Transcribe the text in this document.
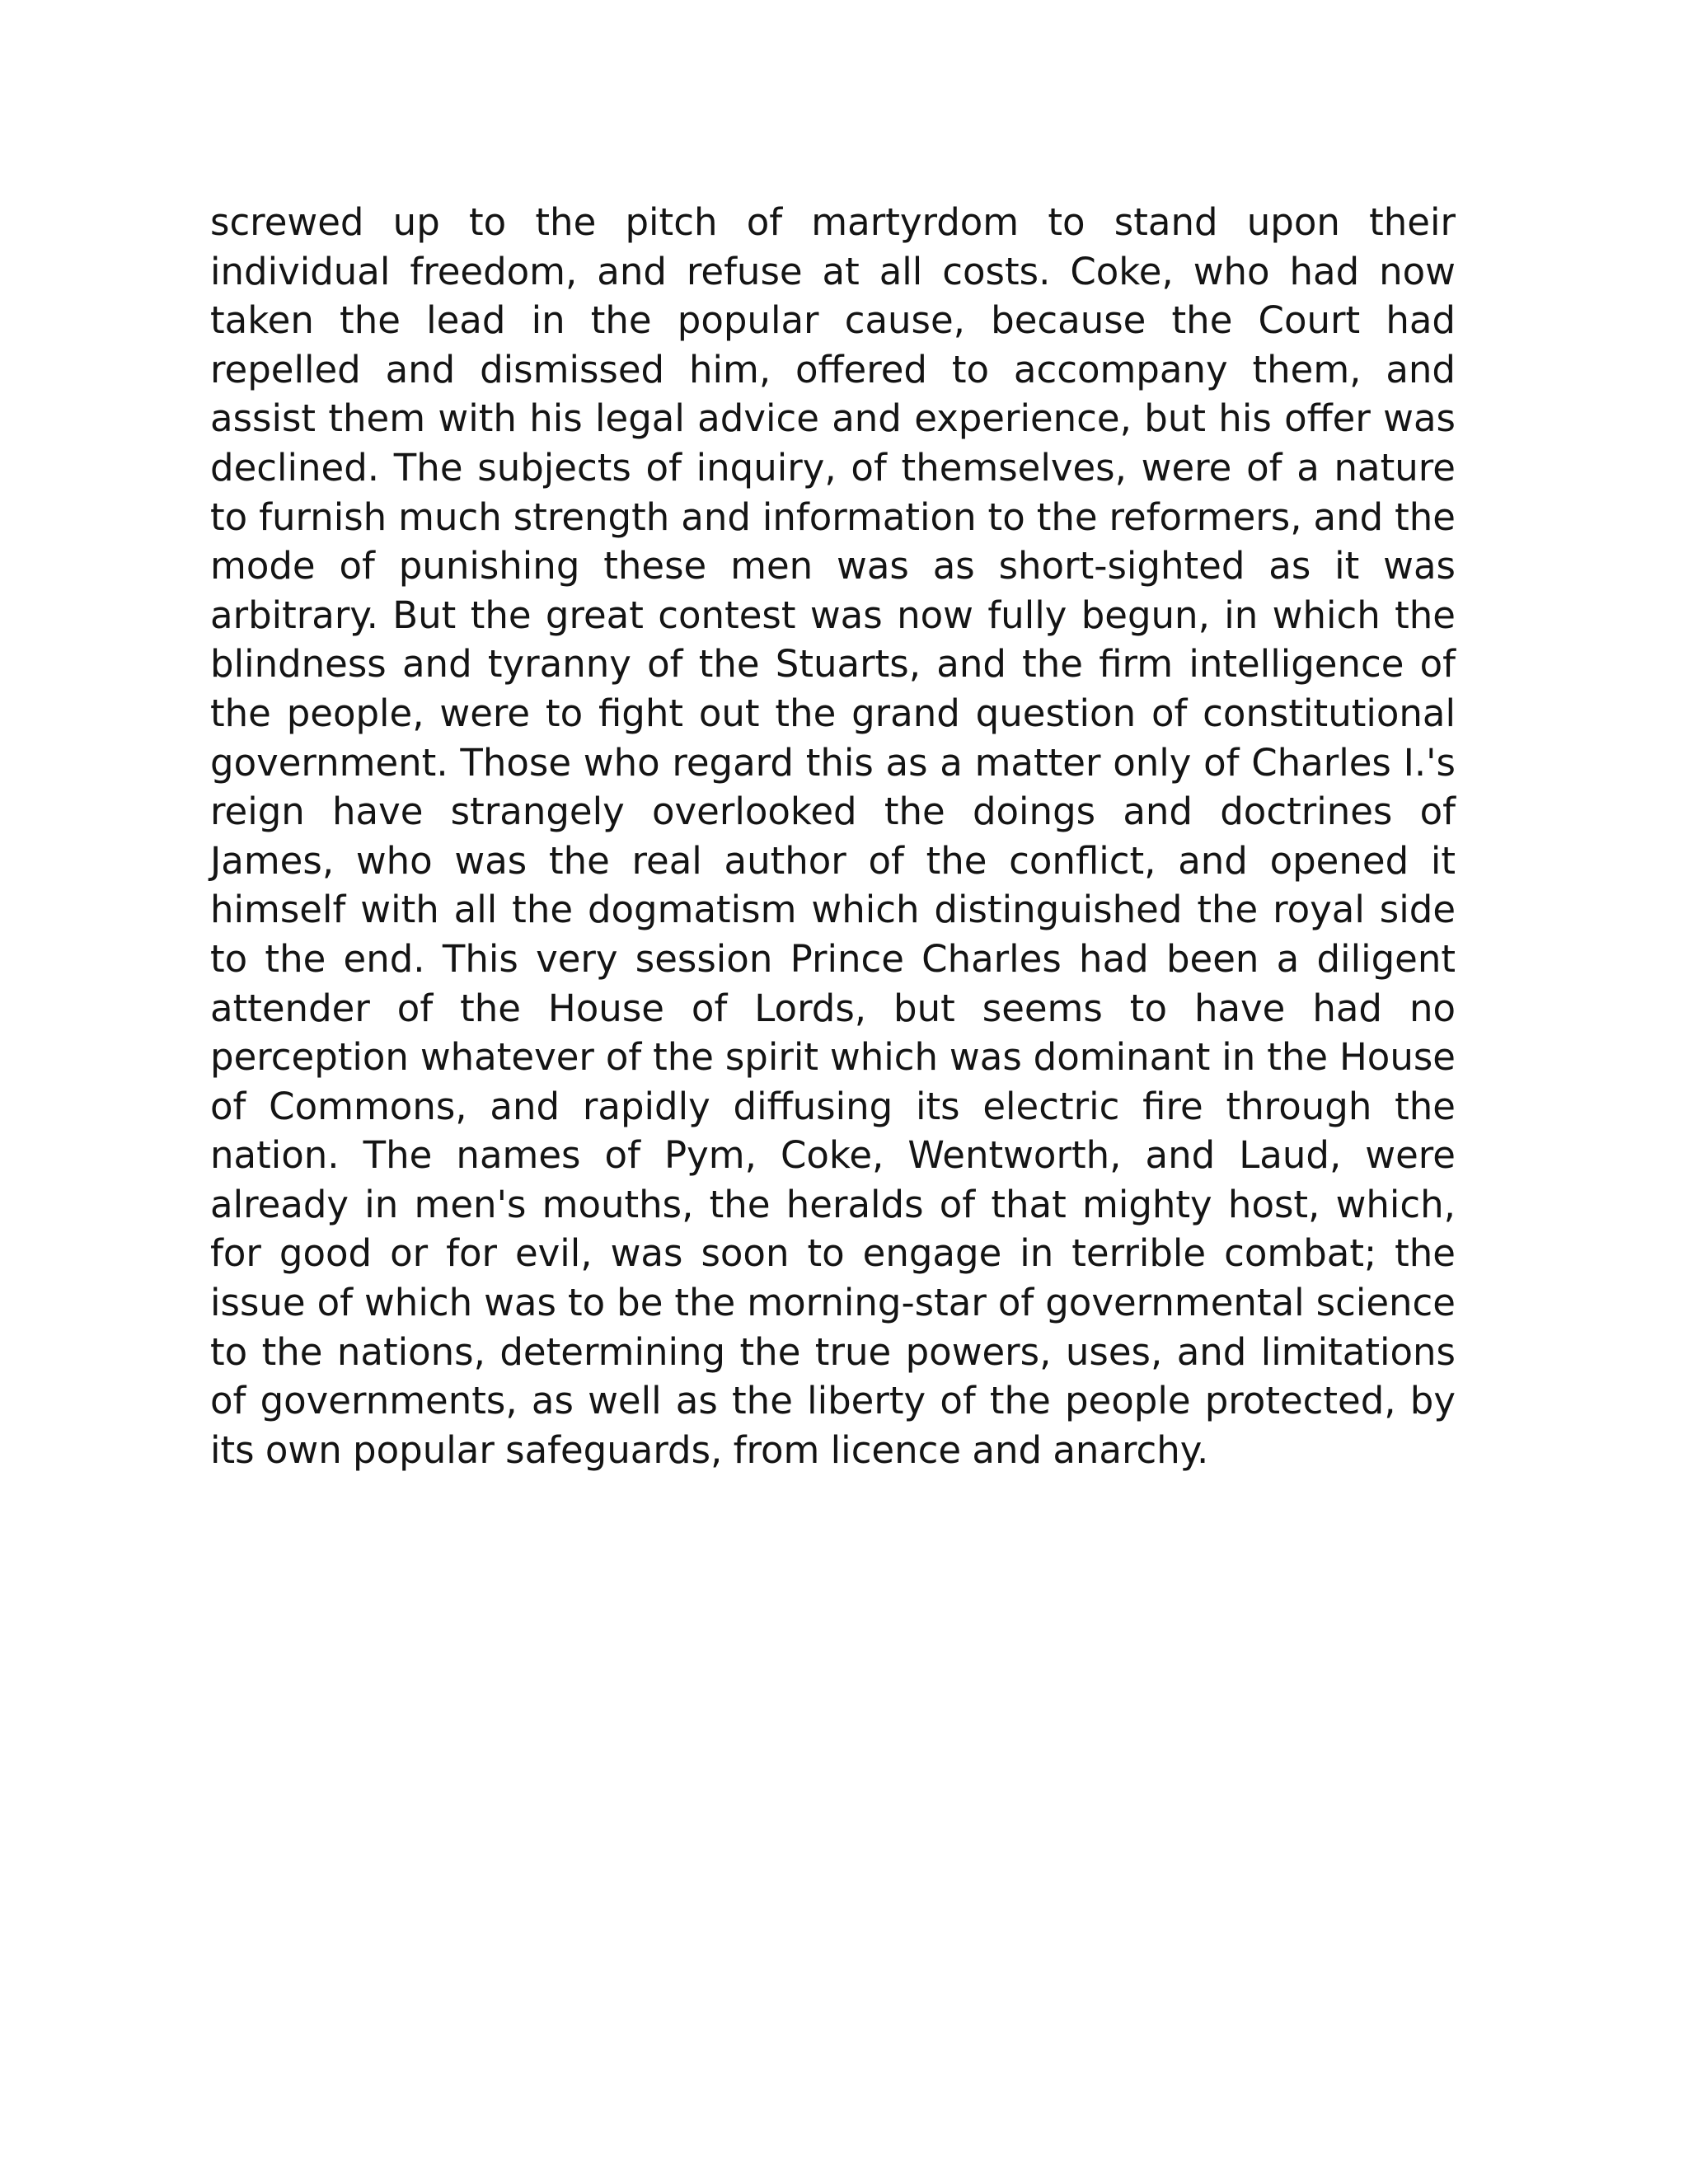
screwed up to the pitch of martyrdom to stand upon their individual freedom, and refuse at all costs. Coke, who had now taken the lead in the popular cause, because the Court had repelled and dismissed him, offered to accompany them, and assist them with his legal advice and experience, but his offer was declined. The subjects of inquiry, of themselves, were of a nature to furnish much strength and information to the reformers, and the mode of punishing these men was as short-sighted as it was arbitrary. But the great contest was now fully begun, in which the blindness and tyranny of the Stuarts, and the firm intelligence of the people, were to fight out the grand question of constitutional government. Those who regard this as a matter only of Charles I.'s reign have strangely overlooked the doings and doctrines of James, who was the real author of the conflict, and opened it himself with all the dogmatism which distinguished the royal side to the end. This very session Prince Charles had been a diligent attender of the House of Lords, but seems to have had no perception whatever of the spirit which was dominant in the House of Commons, and rapidly diffusing its electric fire through the nation. The names of Pym, Coke, Wentworth, and Laud, were already in men's mouths, the heralds of that mighty host, which, for good or for evil, was soon to engage in terrible combat; the issue of which was to be the morning-star of governmental science to the nations, determining the true powers, uses, and limitations of governments, as well as the liberty of the people protected, by its own popular safeguards, from licence and anarchy.
